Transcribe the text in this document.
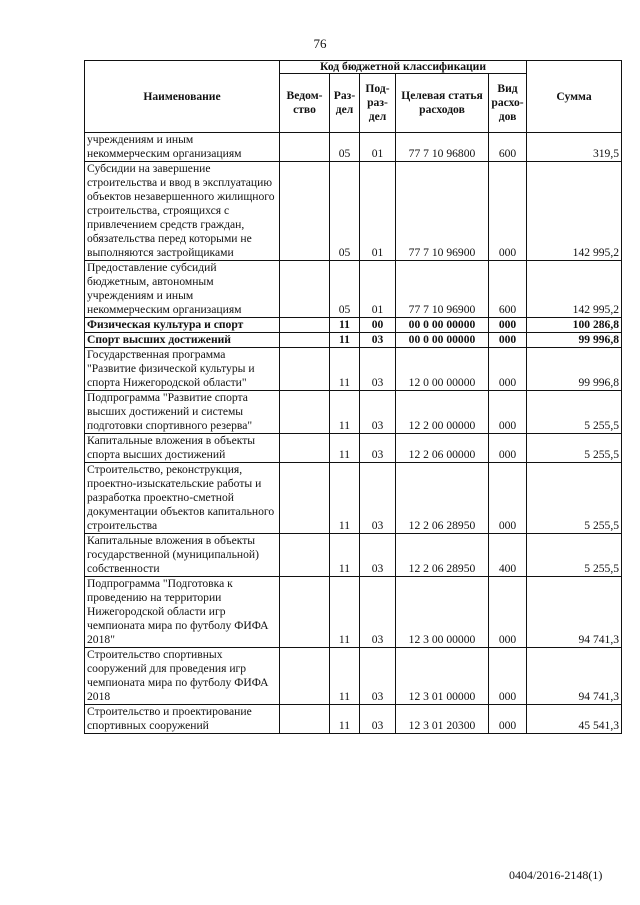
76
Наименование	Код бюджетной классификации					Сумма
	Ведом-ство	Раз-дел	Под-раз-дел	Целевая статья расходов	Вид расхо-дов	
учреждениям и иным некоммерческим организациям		05	01	77 7 10 96800	600	319,5
Субсидии на завершение строительства и ввод в эксплуатацию объектов незавершенного жилищного строительства, строящихся с привлечением средств граждан, обязательства перед которыми не выполняются застройщиками		05	01	77 7 10 96900	000	142 995,2
Предоставление субсидий бюджетным, автономным учреждениям и иным некоммерческим организациям		05	01	77 7 10 96900	600	142 995,2
Физическая культура и спорт		11	00	00 0 00 00000	000	100 286,8
Спорт высших достижений		11	03	00 0 00 00000	000	99 996,8
Государственная программа "Развитие физической культуры и спорта Нижегородской области"		11	03	12 0 00 00000	000	99 996,8
Подпрограмма "Развитие спорта высших достижений и системы подготовки спортивного резерва"		11	03	12 2 00 00000	000	5 255,5
Капитальные вложения в объекты спорта высших достижений		11	03	12 2 06 00000	000	5 255,5
Строительство, реконструкция, проектно-изыскательские работы и разработка проектно-сметной документации объектов капитального строительства		11	03	12 2 06 28950	000	5 255,5
Капитальные вложения в объекты государственной (муниципальной) собственности		11	03	12 2 06 28950	400	5 255,5
Подпрограмма "Подготовка к проведению на территории Нижегородской области игр чемпионата мира по футболу ФИФА 2018"		11	03	12 3 00 00000	000	94 741,3
Строительство спортивных сооружений для проведения игр чемпионата мира по футболу ФИФА 2018		11	03	12 3 01 00000	000	94 741,3
Строительство и проектирование спортивных сооружений		11	03	12 3 01 20300	000	45 541,3
0404/2016-2148(1)
